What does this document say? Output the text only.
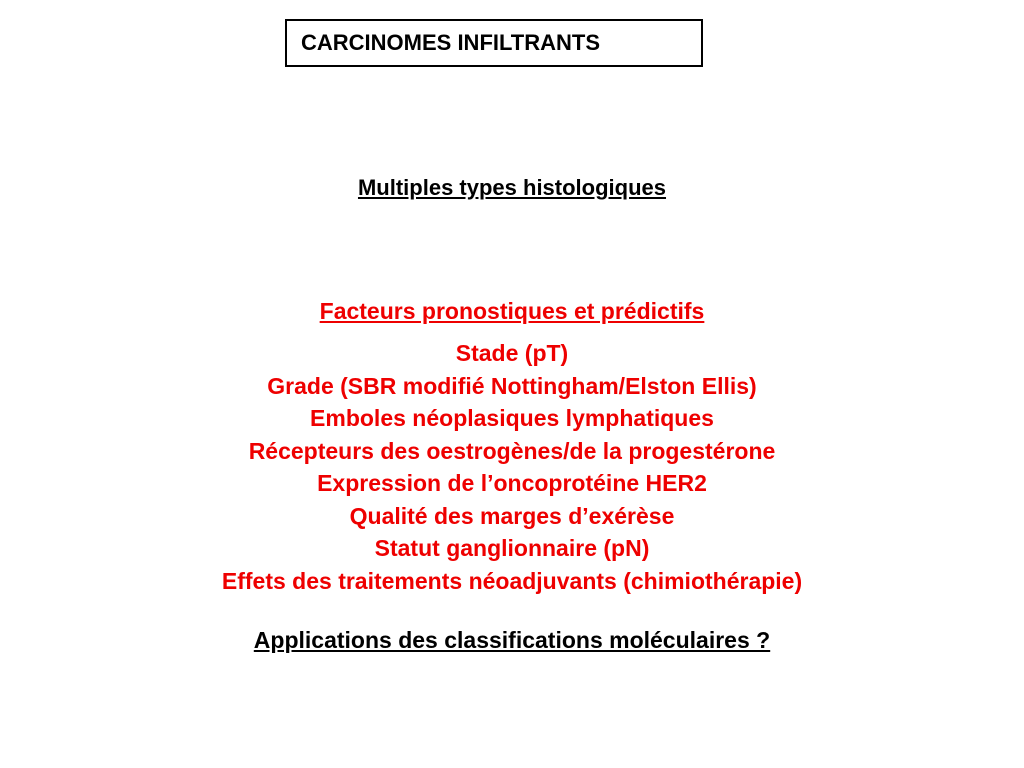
CARCINOMES INFILTRANTS
Multiples types histologiques
Facteurs pronostiques et prédictifs
Stade (pT)
Grade (SBR modifié Nottingham/Elston Ellis)
Emboles néoplasiques lymphatiques
Récepteurs des oestrogènes/de la progestérone
Expression de l’oncoprotéine HER2
Qualité des marges d’exérèse
Statut ganglionnaire (pN)
Effets des traitements néoadjuvants (chimiothérapie)
Applications des classifications moléculaires ?
